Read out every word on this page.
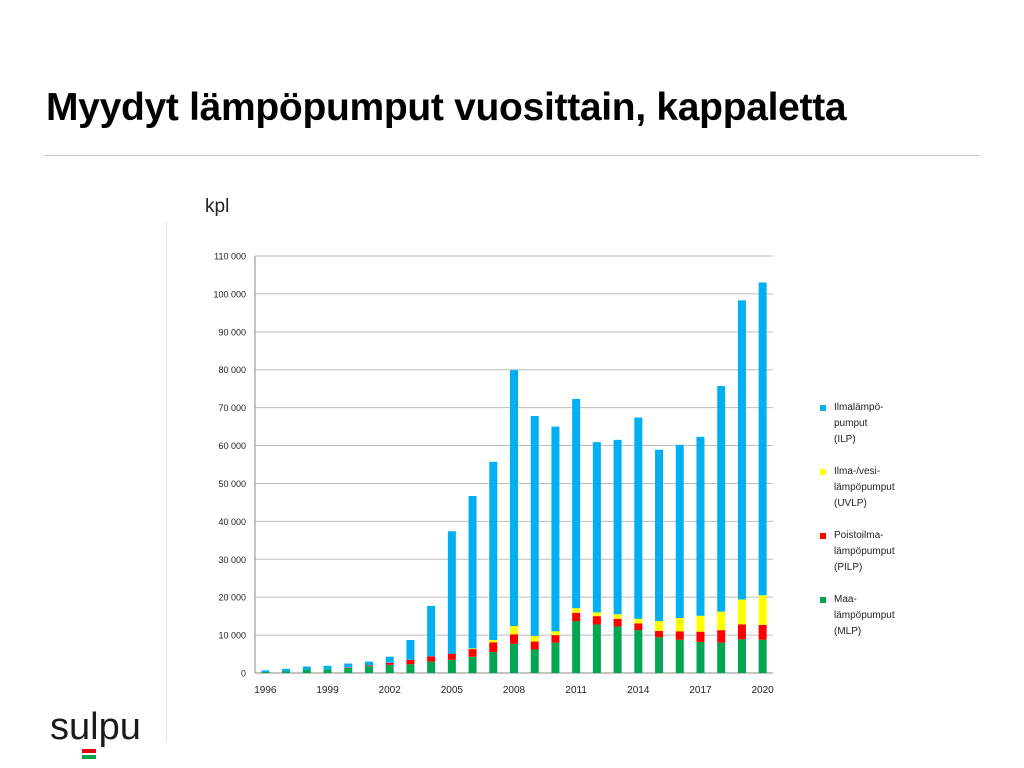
Myydyt lämpöpumput vuosittain, kappaletta
kpl
0
10 000
20 000
30 000
40 000
50 000
60 000
70 000
80 000
90 000
100 000
110 000
1996	1999	2002	2005	2008	2011	2014	2017	2020
Ilmalämpö-
pumput
(ILP)
Ilma-/vesi-
lämpöpumput
(UVLP)
Poistoilma-
lämpöpumput
(PILP)
Maa-
lämpöpumput
(MLP)
sulpu
